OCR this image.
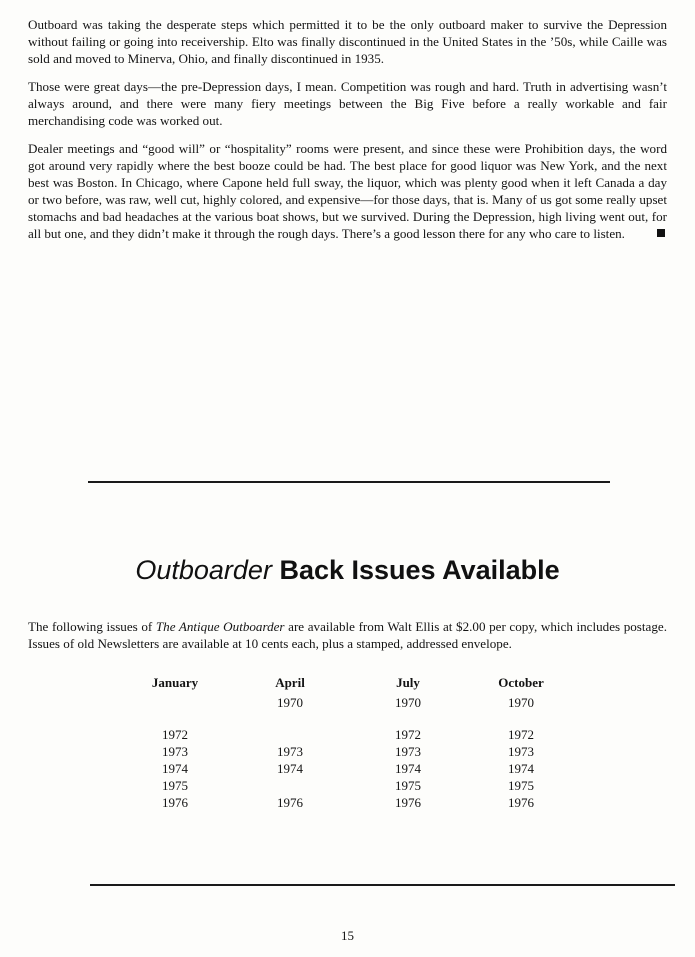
Outboard was taking the desperate steps which permitted it to be the only outboard maker to survive the Depression without failing or going into receivership. Elto was finally discontinued in the United States in the ’50s, while Caille was sold and moved to Minerva, Ohio, and finally discontinued in 1935.

Those were great days—the pre-Depression days, I mean. Competition was rough and hard. Truth in advertising wasn’t always around, and there were many fiery meetings between the Big Five before a really workable and fair merchandising code was worked out.

Dealer meetings and “good will” or “hospitality” rooms were present, and since these were Prohibition days, the word got around very rapidly where the best booze could be had. The best place for good liquor was New York, and the next best was Boston. In Chicago, where Capone held full sway, the liquor, which was plenty good when it left Canada a day or two before, was raw, well cut, highly colored, and expensive—for those days, that is. Many of us got some really upset stomachs and bad headaches at the various boat shows, but we survived. During the Depression, high living went out, for all but one, and they didn’t make it through the rough days. There’s a good lesson there for any who care to listen.

Outboarder Back Issues Available

The following issues of The Antique Outboarder are available from Walt Ellis at $2.00 per copy, which includes postage. Issues of old Newsletters are available at 10 cents each, plus a stamped, addressed envelope.

January
1972
1973
1974
1975
1976
April
1970
1973
1974
1976
July
1970
1972
1973
1974
1975
1976
October
1970
1972
1973
1974
1975
1976
15
